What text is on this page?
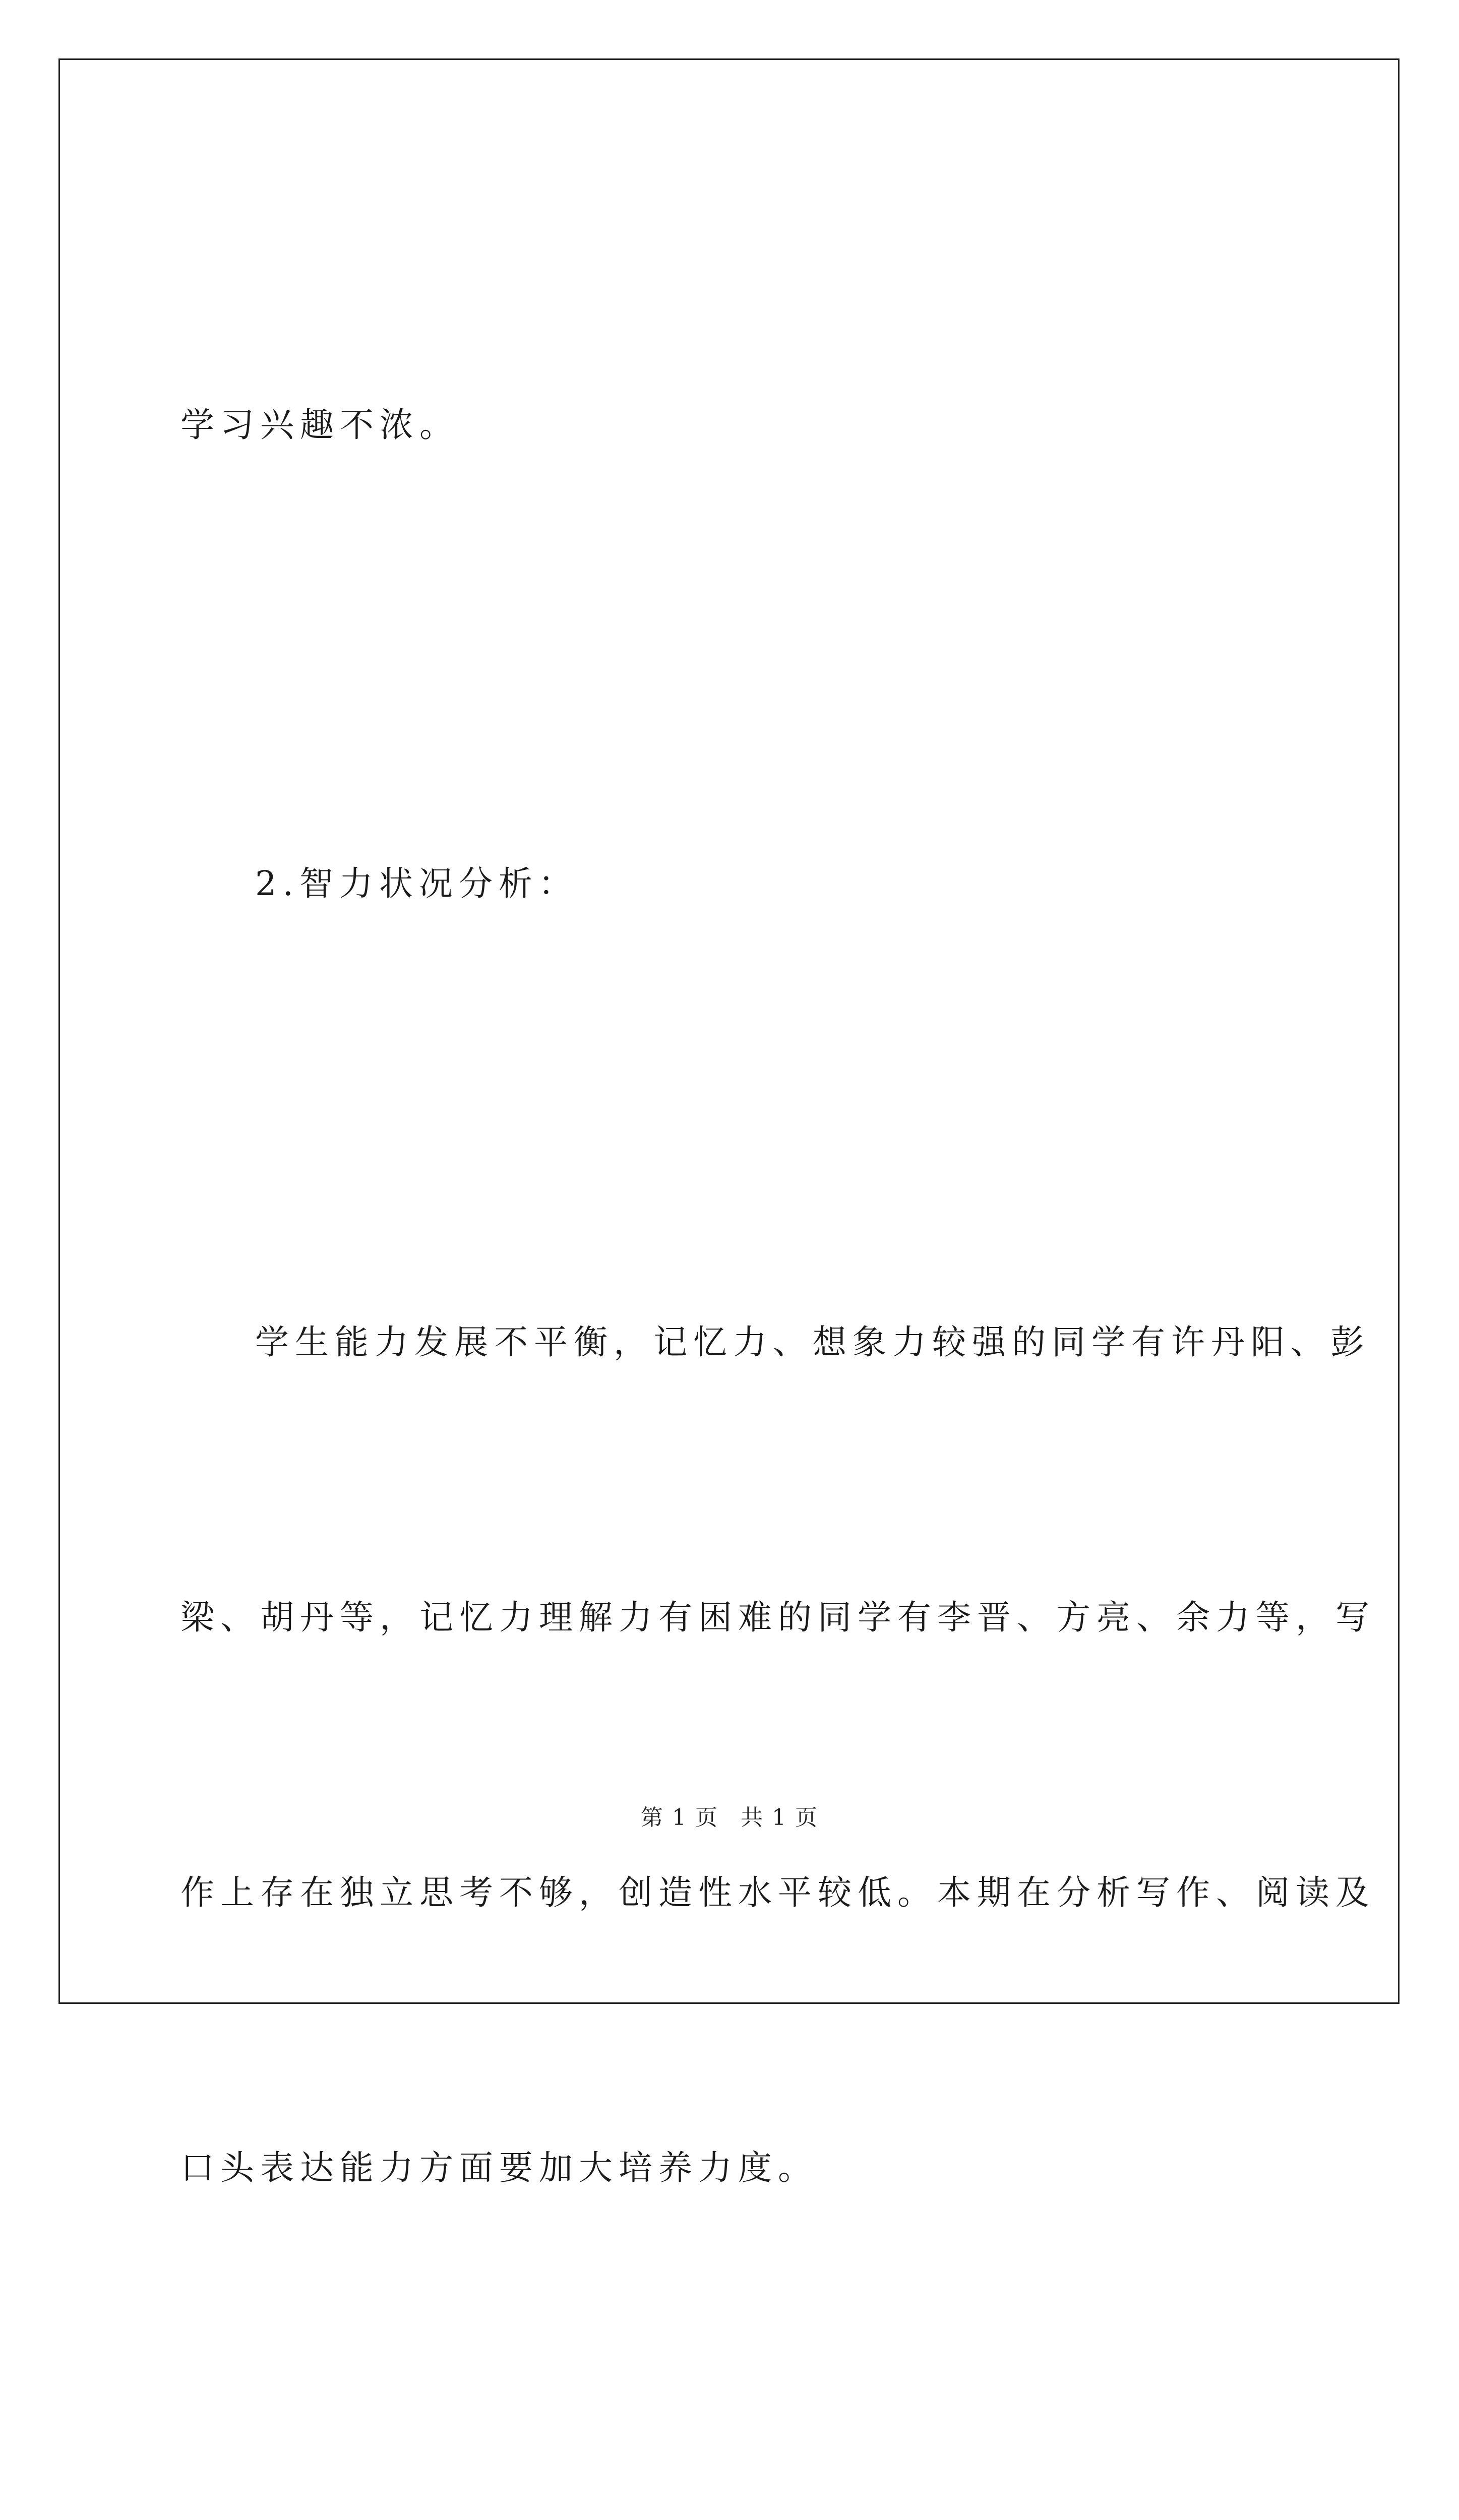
学习兴趣不浓。

2.智力状况分析：

学生能力发展不平衡，记忆力、想象力较强的同学有许丹阳、彭

梁、胡丹等，记忆力理解力有困难的同学有李晋、方亮、余力等，写

作上存在独立思考不够，创造性水平较低。本期在分析写作、阅读及

口头表达能力方面要加大培养力度。

第 1 页 共 1 页
